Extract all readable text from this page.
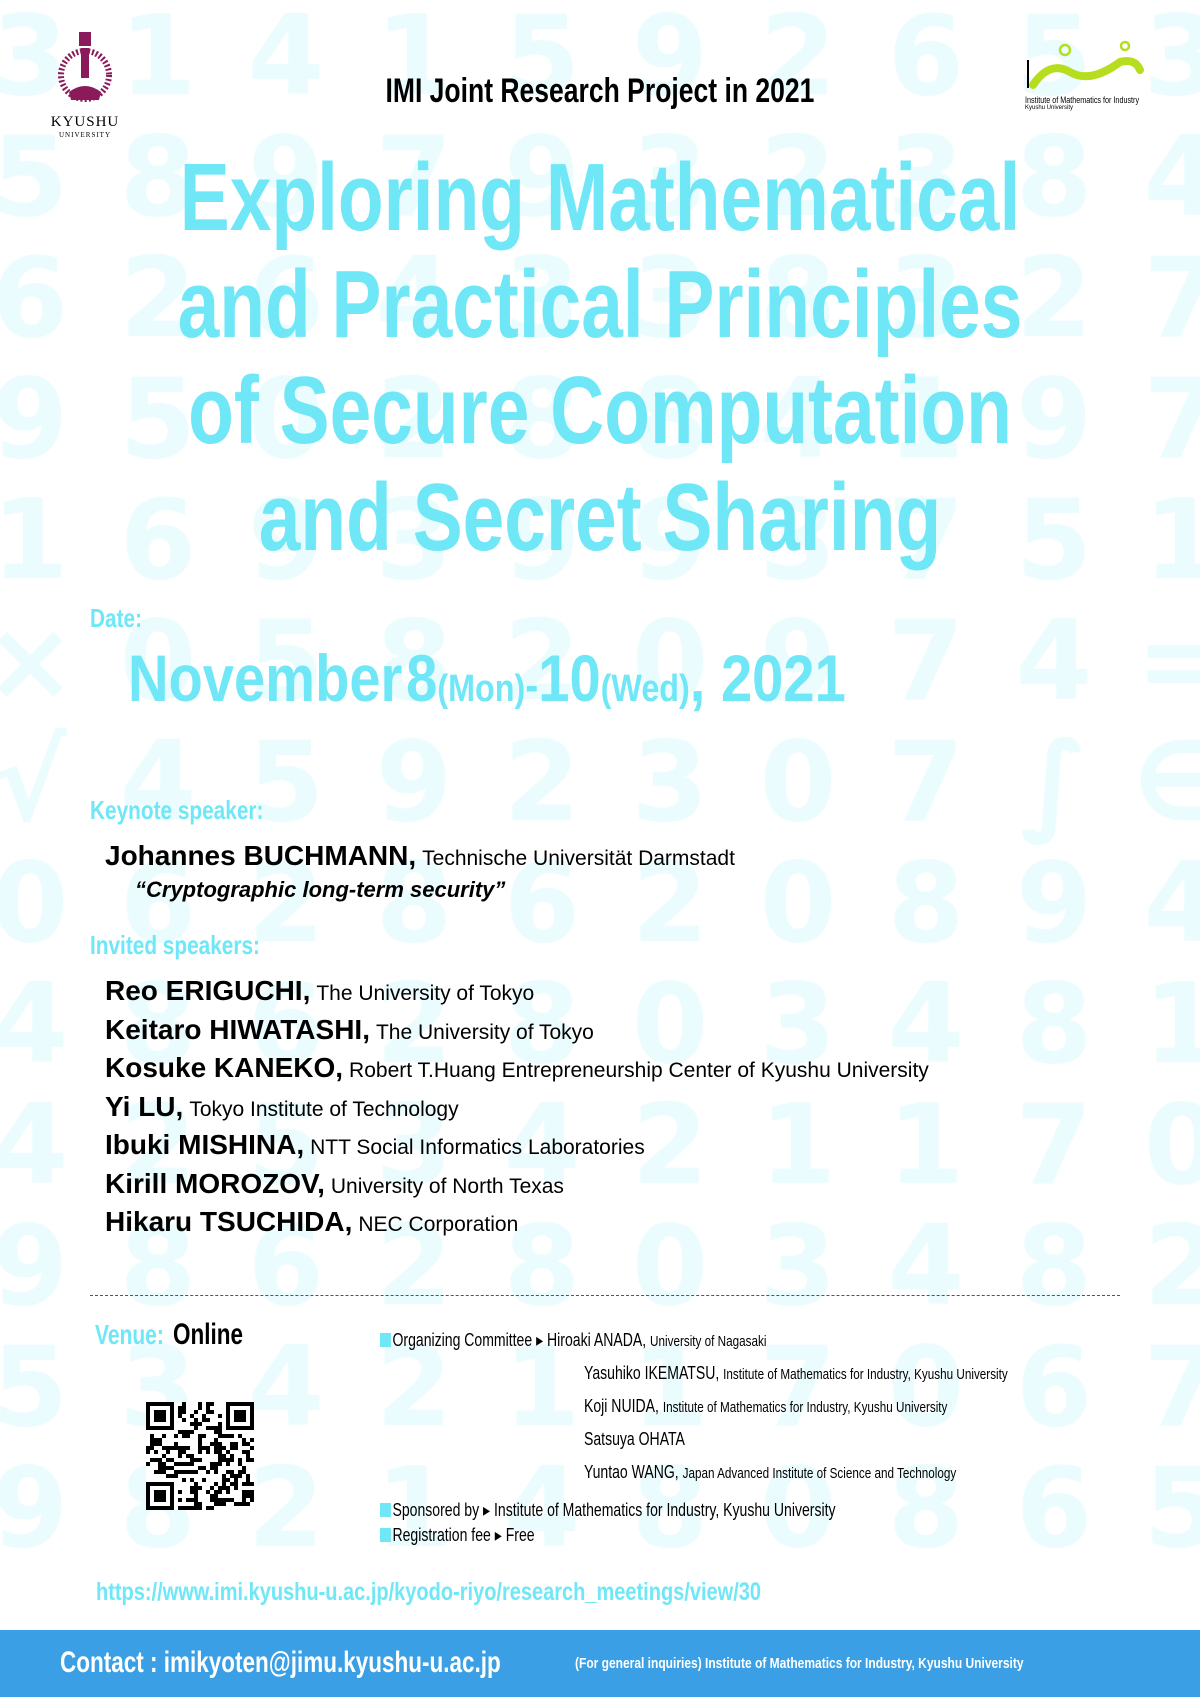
KYUSHU
UNIVERSITY
IMI Joint Research Project in 2021	Institute of Mathematics for Industry
Kyushu University
Exploring Mathematical
and Practical Principles
of Secure Computation
and Secret Sharing
Date:
November 8(Mon)-10(Wed), 2021
Keynote speaker:
Johannes BUCHMANN, Technische Universität Darmstadt
“Cryptographic long-term security”
Invited speakers:
Reo ERIGUCHI, The University of Tokyo
Keitaro HIWATASHI, The University of Tokyo
Kosuke KANEKO, Robert T.Huang Entrepreneurship Center of Kyushu University
Yi LU, Tokyo Institute of Technology
Ibuki MISHINA, NTT Social Informatics Laboratories
Kirill MOROZOV, University of North Texas
Hikaru TSUCHIDA, NEC Corporation
Venue: Online	Organizing Committee ▸ Hiroaki ANADA, University of Nagasaki
Yasuhiko IKEMATSU, Institute of Mathematics for Industry, Kyushu University
Koji NUIDA, Institute of Mathematics for Industry, Kyushu University
Satsuya OHATA
Yuntao WANG, Japan Advanced Institute of Science and Technology
Sponsored by ▸ Institute of Mathematics for Industry, Kyushu University
Registration fee ▸ Free
https://www.imi.kyushu-u.ac.jp/kyodo-riyo/research_meetings/view/30
Contact : imikyoten@jimu.kyushu-u.ac.jp	(For general inquiries) Institute of Mathematics for Industry, Kyushu University
